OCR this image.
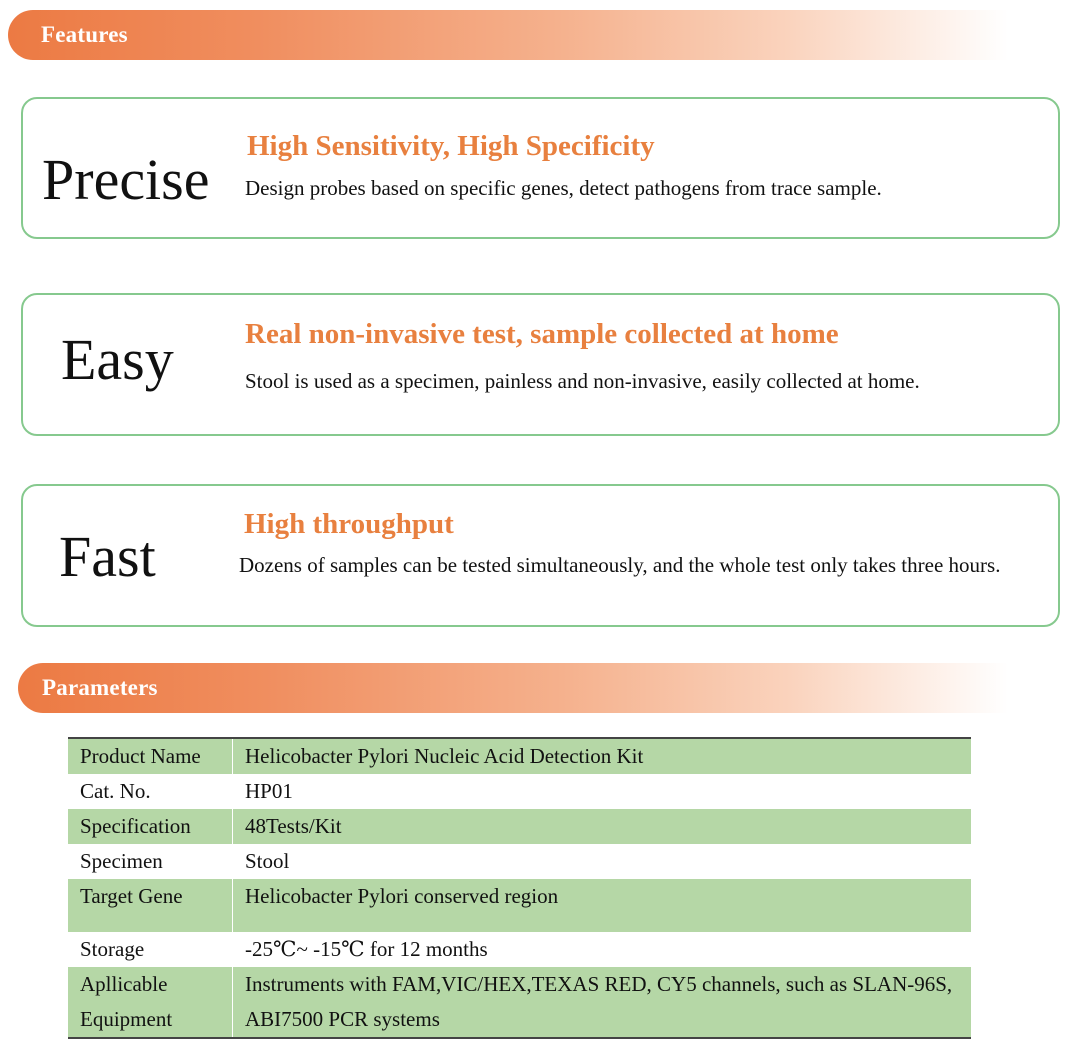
Features
Precise
High Sensitivity, High Specificity
Design probes based on specific genes, detect pathogens from trace sample.
Easy Real non-invasive test, sample collected at home
Stool is used as a specimen, painless and non-invasive, easily collected at home.
Fast	High throughput
Dozens of samples can be tested simultaneously, and the whole test only takes three hours.
Parameters
Product Name	Helicobacter Pylori Nucleic Acid Detection Kit
Cat. No.	HP01
Specification	48Tests/Kit
Specimen	Stool
Target Gene	Helicobacter Pylori conserved region
Storage	-25℃~ -15℃ for 12 months
Apllicable Equipment	Instruments with FAM,VIC/HEX,TEXAS RED, CY5 channels, such as SLAN-96S, ABI7500 PCR systems
